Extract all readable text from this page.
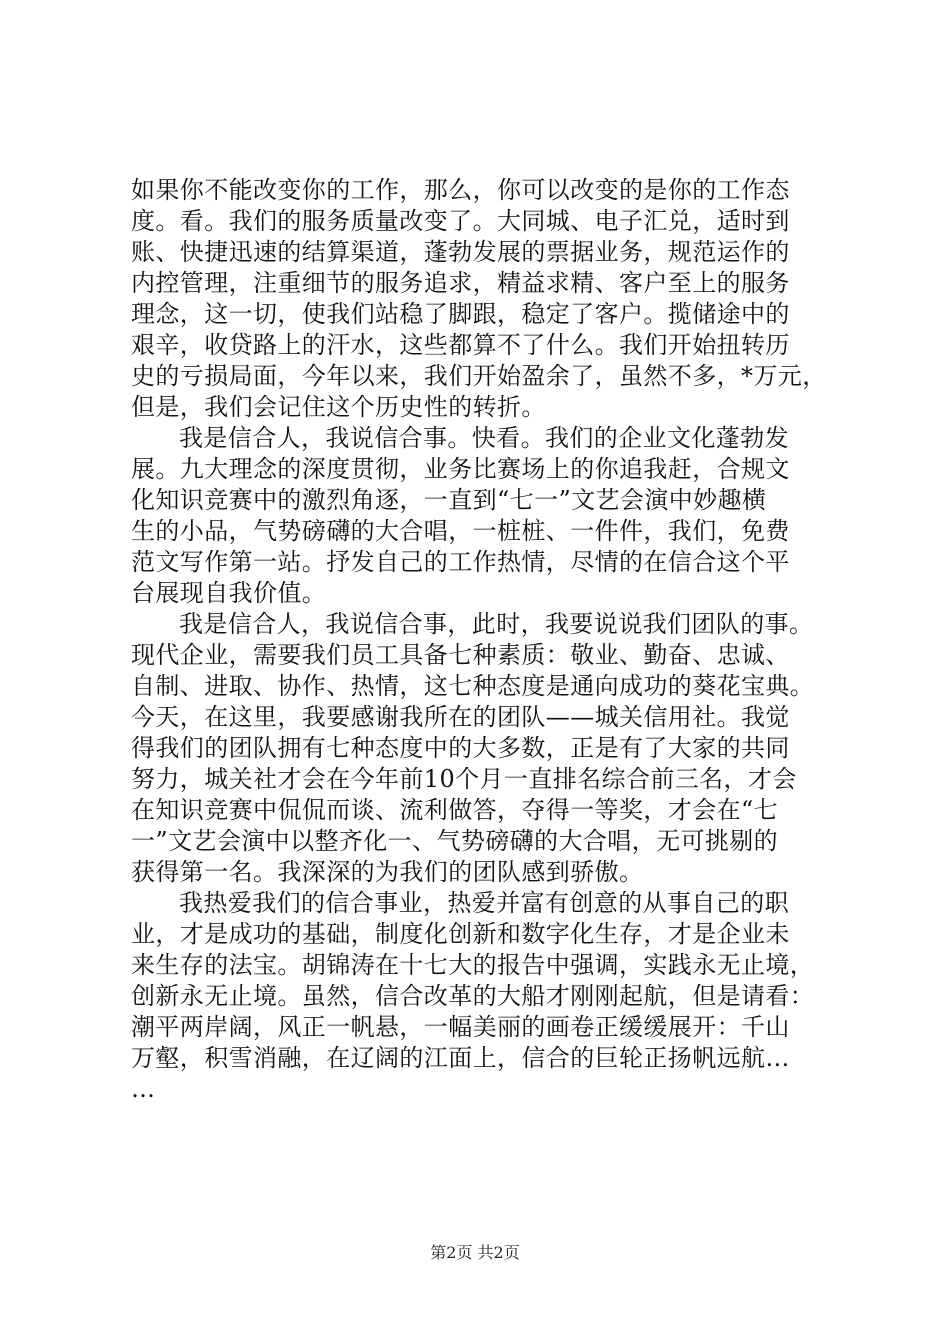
如果你不能改变你的工作，那么，你可以改变的是你的工作态
度。看。我们的服务质量改变了。大同城、电子汇兑，适时到
账、快捷迅速的结算渠道，蓬勃发展的票据业务，规范运作的
内控管理，注重细节的服务追求，精益求精、客户至上的服务
理念，这一切，使我们站稳了脚跟，稳定了客户。揽储途中的
艰辛，收贷路上的汗水，这些都算不了什么。我们开始扭转历
史的亏损局面，今年以来，我们开始盈余了，虽然不多，*万元，
但是，我们会记住这个历史性的转折。
我是信合人，我说信合事。快看。我们的企业文化蓬勃发
展。九大理念的深度贯彻，业务比赛场上的你追我赶，合规文
化知识竞赛中的激烈角逐，一直到“七一”文艺会演中妙趣横
生的小品，气势磅礴的大合唱，一桩桩、一件件，我们，免费
范文写作第一站。抒发自己的工作热情，尽情的在信合这个平
台展现自我价值。
我是信合人，我说信合事，此时，我要说说我们团队的事。
现代企业，需要我们员工具备七种素质：敬业、勤奋、忠诚、
自制、进取、协作、热情，这七种态度是通向成功的葵花宝典。
今天，在这里，我要感谢我所在的团队——城关信用社。我觉
得我们的团队拥有七种态度中的大多数，正是有了大家的共同
努力，城关社才会在今年前10个月一直排名综合前三名，才会
在知识竞赛中侃侃而谈、流利做答，夺得一等奖，才会在“七
一”文艺会演中以整齐化一、气势磅礴的大合唱，无可挑剔的
获得第一名。我深深的为我们的团队感到骄傲。
我热爱我们的信合事业，热爱并富有创意的从事自己的职
业，才是成功的基础，制度化创新和数字化生存，才是企业未
来生存的法宝。胡锦涛在十七大的报告中强调，实践永无止境，
创新永无止境。虽然，信合改革的大船才刚刚起航，但是请看：
潮平两岸阔，风正一帆悬，一幅美丽的画卷正缓缓展开：千山
万壑，积雪消融，在辽阔的江面上，信合的巨轮正扬帆远航…
…
第2页 共2页
